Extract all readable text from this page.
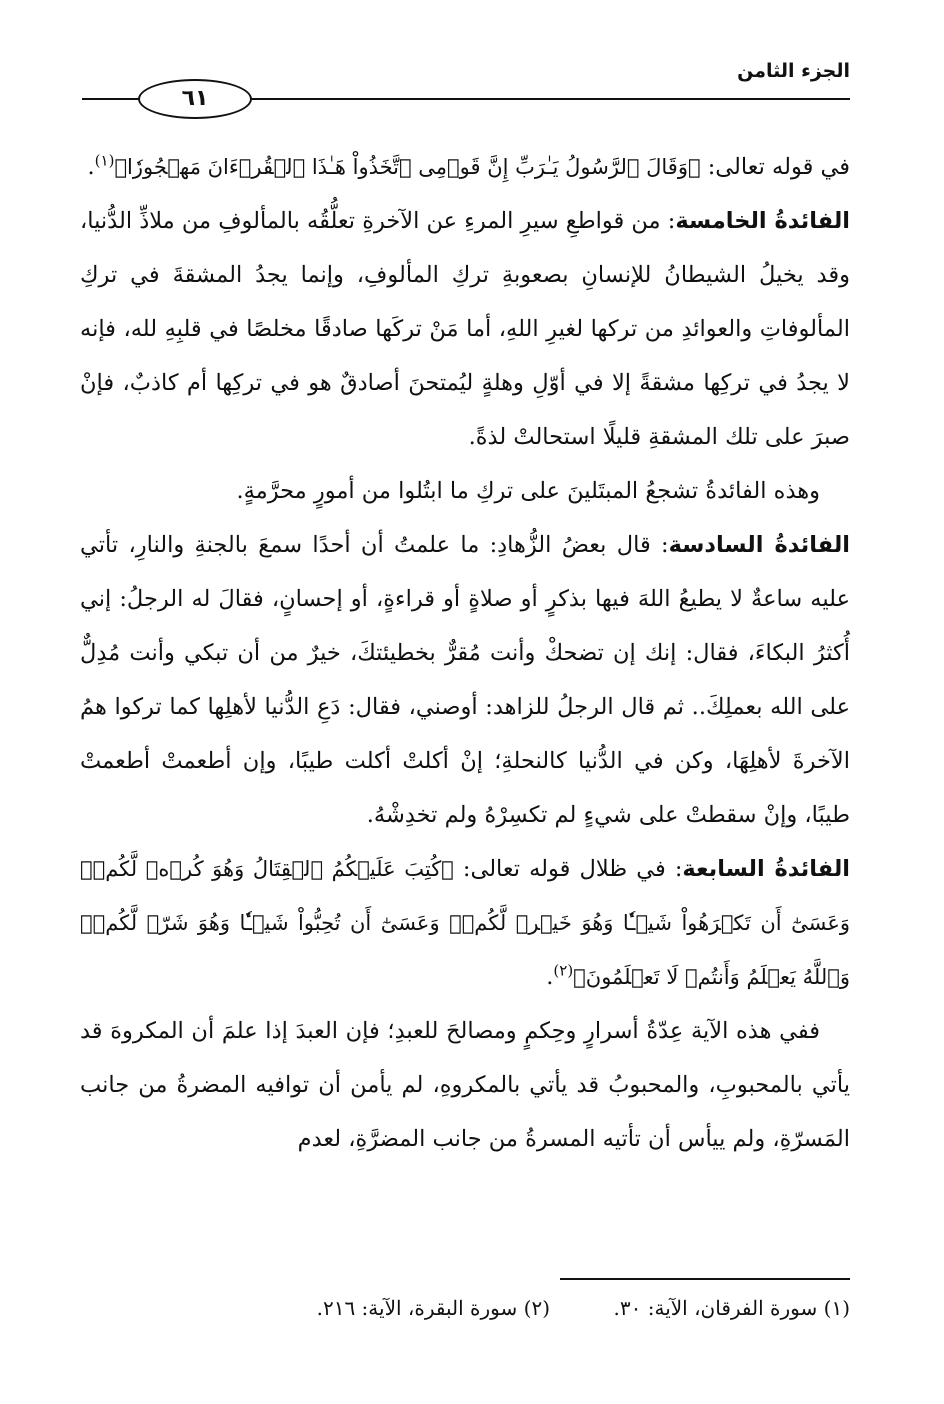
الجزء الثامن
٦١

في قوله تعالى: ﴿وَقَالَ ٱلرَّسُولُ يَـٰرَبِّ إِنَّ قَوۡمِى ٱتَّخَذُواْ هَـٰذَا ٱلۡقُرۡءَانَ مَهۡجُورٗا﴾$^{(١)}$.

الفائدةُ الخامسة: من قواطعِ سيرِ المرءِ عن الآخرةِ تعلُّقُه بالمألوفِ من ملاذِّ الدُّنيا، وقد يخيلُ الشيطانُ للإنسانِ بصعوبةِ تركِ المألوفِ، وإنما يجدُ المشقةَ في تركِ المألوفاتِ والعوائدِ من تركها لغيرِ اللهِ، أما مَنْ تركَها صادقًا مخلصًا في قلبِهِ لله، فإنه لا يجدُ في تركِها مشقةً إلا في أوّلِ وهلةٍ ليُمتحنَ أصادقٌ هو في تركِها أم كاذبٌ، فإنْ صبرَ على تلك المشقةِ قليلًا استحالتْ لذةً.

وهذه الفائدةُ تشجعُ المبتَلينَ على تركِ ما ابتُلوا من أمورٍ محرَّمةٍ.

الفائدةُ السادسة: قال بعضُ الزُّهادِ: ما علمتُ أن أحدًا سمعَ بالجنةِ والنارِ، تأتي عليه ساعةٌ لا يطيعُ اللهَ فيها بذكرٍ أو صلاةٍ أو قراءةٍ، أو إحسانٍ، فقالَ له الرجلُ: إني أُكثرُ البكاءَ، فقال: إنك إن تضحكْ وأنت مُقرٌّ بخطيئتكَ، خيرٌ من أن تبكي وأنت مُدِلٌّ على الله بعملِكَ.. ثم قال الرجلُ للزاهد: أوصني، فقال: دَعِ الدُّنيا لأهلِها كما تركوا همُ الآخرةَ لأهلِهَا، وكن في الدُّنيا كالنحلةِ؛ إنْ أكلتْ أكلت طيبًا، وإن أطعمتْ أطعمتْ طيبًا، وإنْ سقطتْ على شيءٍ لم تكسِرْهُ ولم تخدِشْهُ.

الفائدةُ السابعة: في ظلال قوله تعالى: ﴿كُتِبَ عَلَيۡكُمُ ٱلۡقِتَالُ وَهُوَ كُرۡهٞ لَّكُمۡۖ وَعَسَىٰٓ أَن تَكۡرَهُواْ شَيۡـٔٗا وَهُوَ خَيۡرٞ لَّكُمۡۖ وَعَسَىٰٓ أَن تُحِبُّواْ شَيۡـٔٗا وَهُوَ شَرّٞ لَّكُمۡۚ وَٱللَّهُ يَعۡلَمُ وَأَنتُمۡ لَا تَعۡلَمُونَ﴾$^{(٢)}$.

ففي هذه الآية عِدّةُ أسرارٍ وحِكمٍ ومصالحَ للعبدِ؛ فإن العبدَ إذا علمَ أن المكروهَ قد يأتي بالمحبوبِ، والمحبوبُ قد يأتي بالمكروهِ، لم يأمن أن توافيه المضرةُ من جانب المَسرّةِ، ولم ييأس أن تأتيه المسرةُ من جانب المضرَّةِ، لعدم

(١) سورة الفرقان، الآية: ٣٠.
(٢) سورة البقرة، الآية: ٢١٦.
